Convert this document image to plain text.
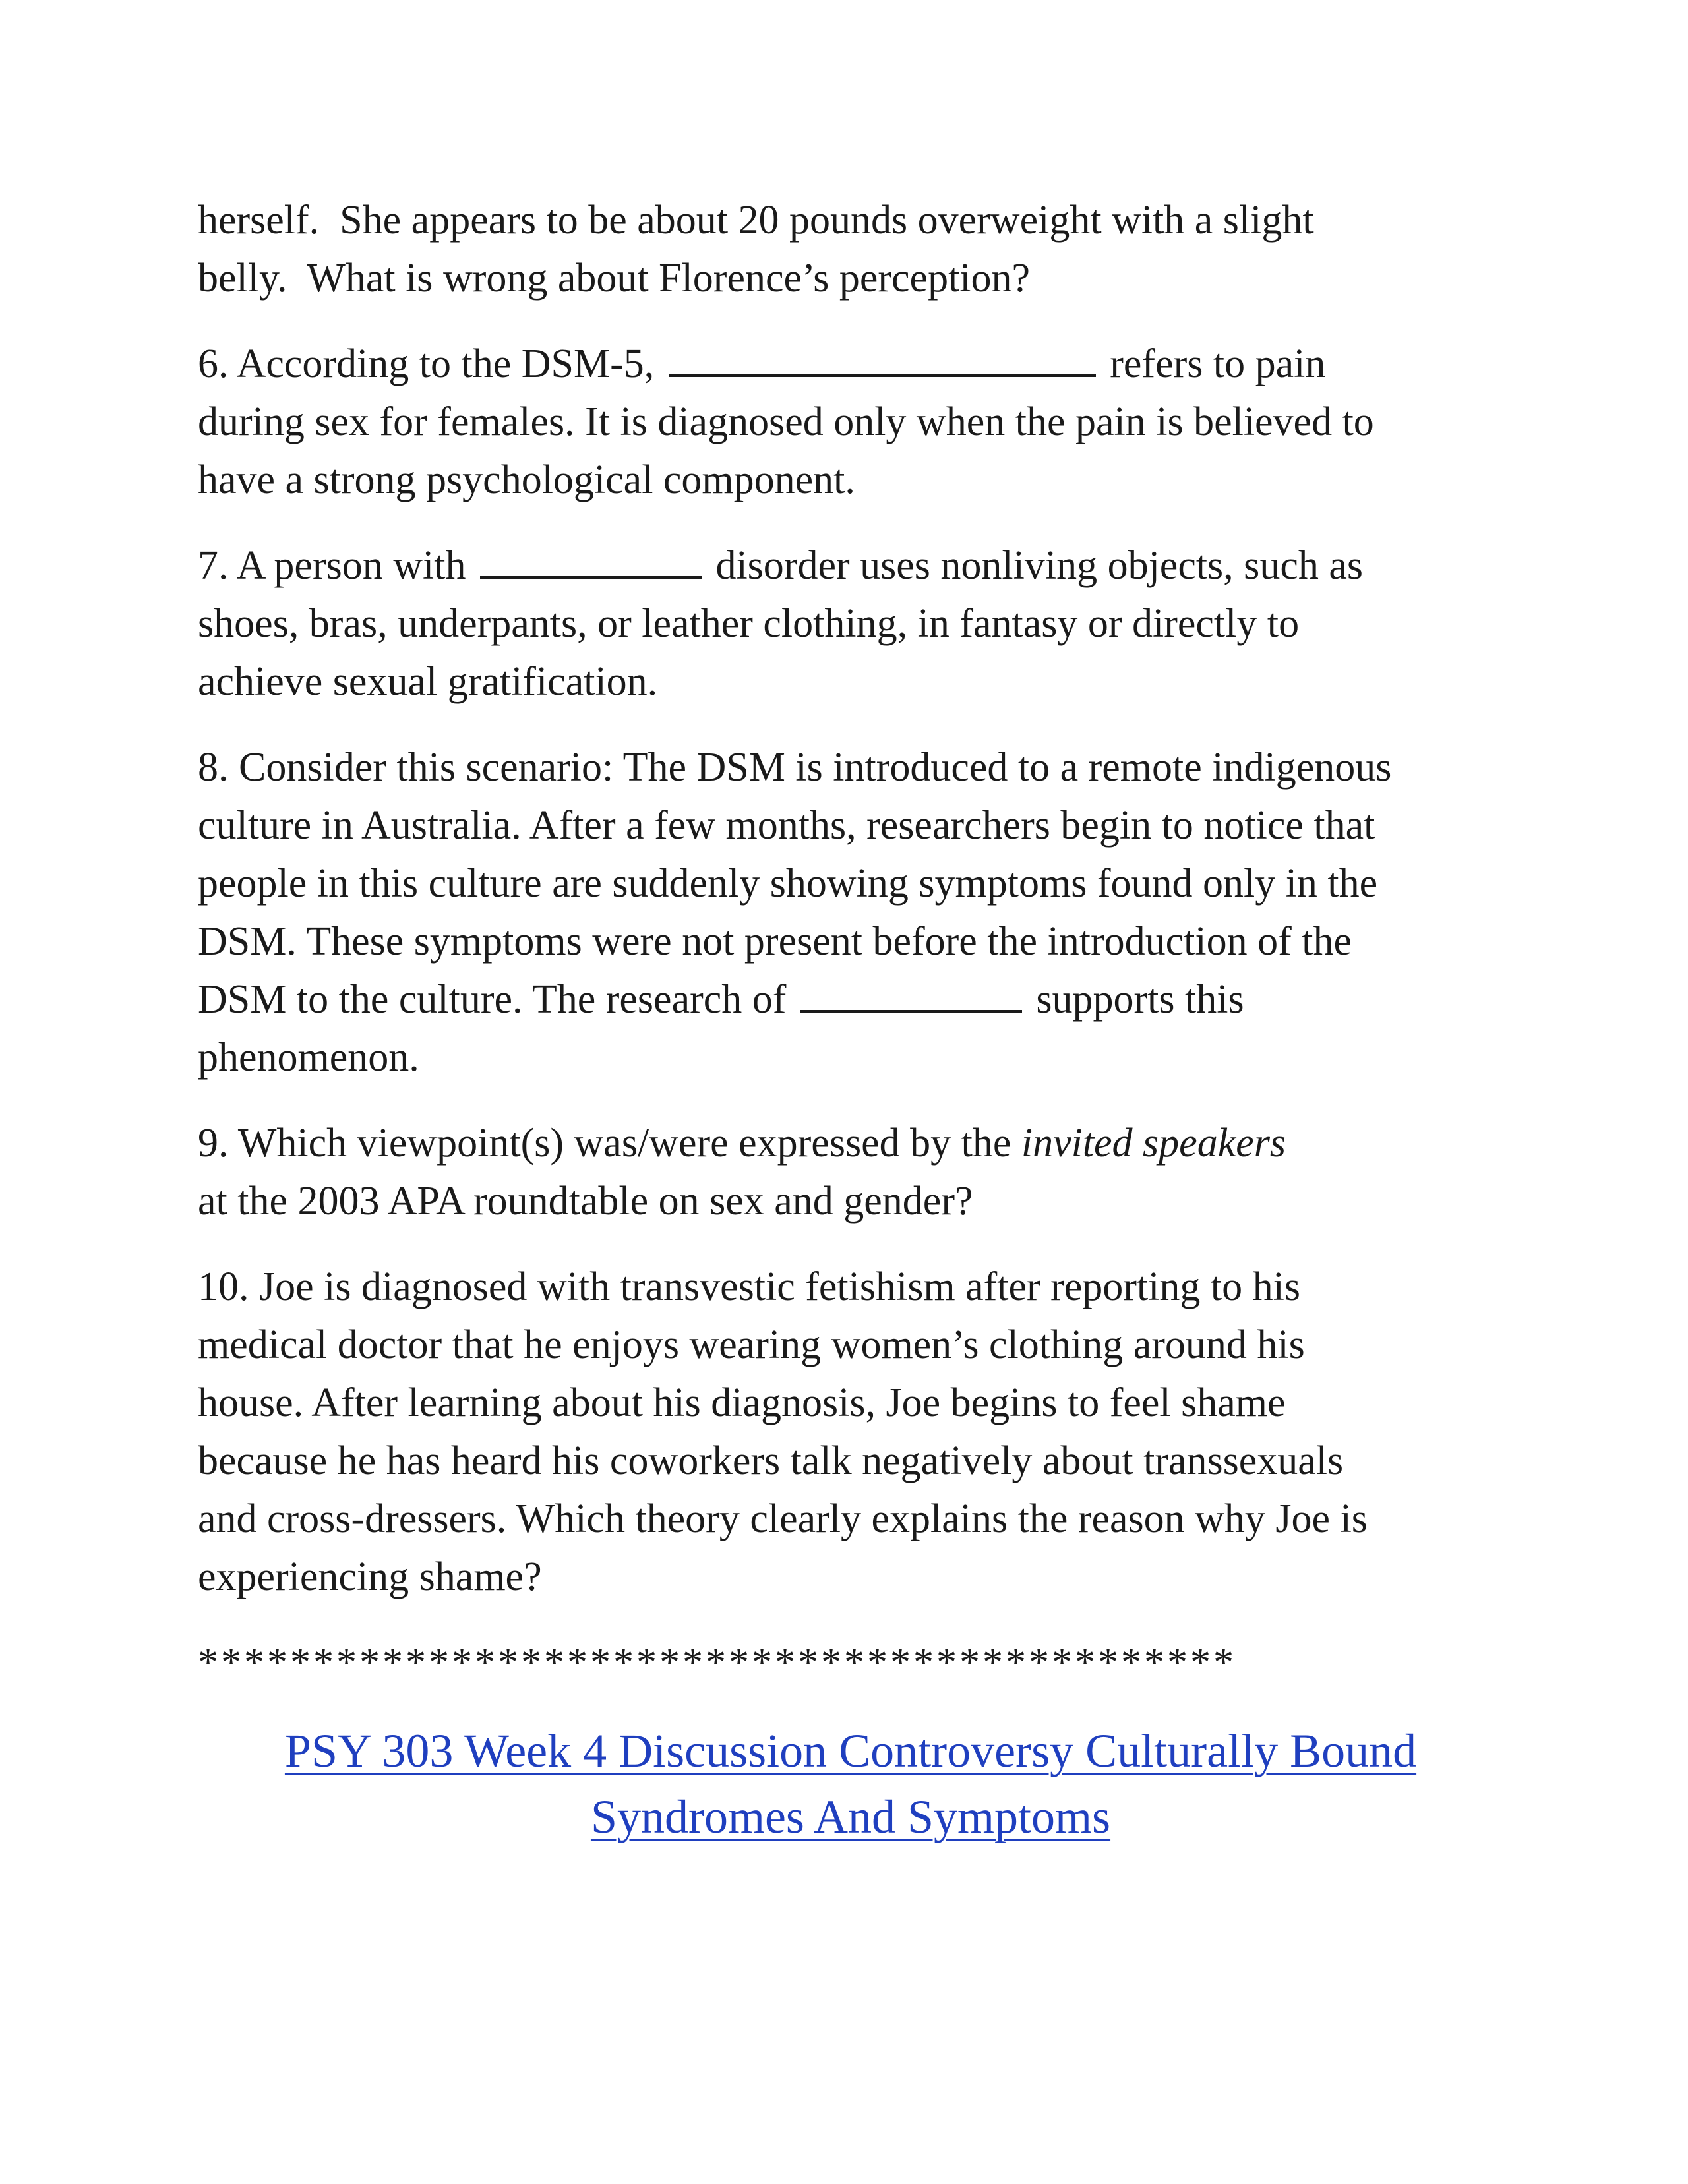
herself.  She appears to be about 20 pounds overweight with a slight
belly.  What is wrong about Florence’s perception?

6. According to the DSM-5,	refers to pain
during sex for females. It is diagnosed only when the pain is believed to
have a strong psychological component.

7. A person with	disorder uses nonliving objects, such as
shoes, bras, underpants, or leather clothing, in fantasy or directly to
achieve sexual gratification.

8. Consider this scenario: The DSM is introduced to a remote indigenous
culture in Australia. After a few months, researchers begin to notice that
people in this culture are suddenly showing symptoms found only in the
DSM. These symptoms were not present before the introduction of the
DSM to the culture. The research of	supports this
phenomenon.

9. Which viewpoint(s) was/were expressed by the invited speakers
at the 2003 APA roundtable on sex and gender?

10. Joe is diagnosed with transvestic fetishism after reporting to his
medical doctor that he enjoys wearing women’s clothing around his
house. After learning about his diagnosis, Joe begins to feel shame
because he has heard his coworkers talk negatively about transsexuals
and cross-dressers. Which theory clearly explains the reason why Joe is
experiencing shame?

*********************************************
PSY 303 Week 4 Discussion Controversy Culturally Bound
Syndromes And Symptoms
